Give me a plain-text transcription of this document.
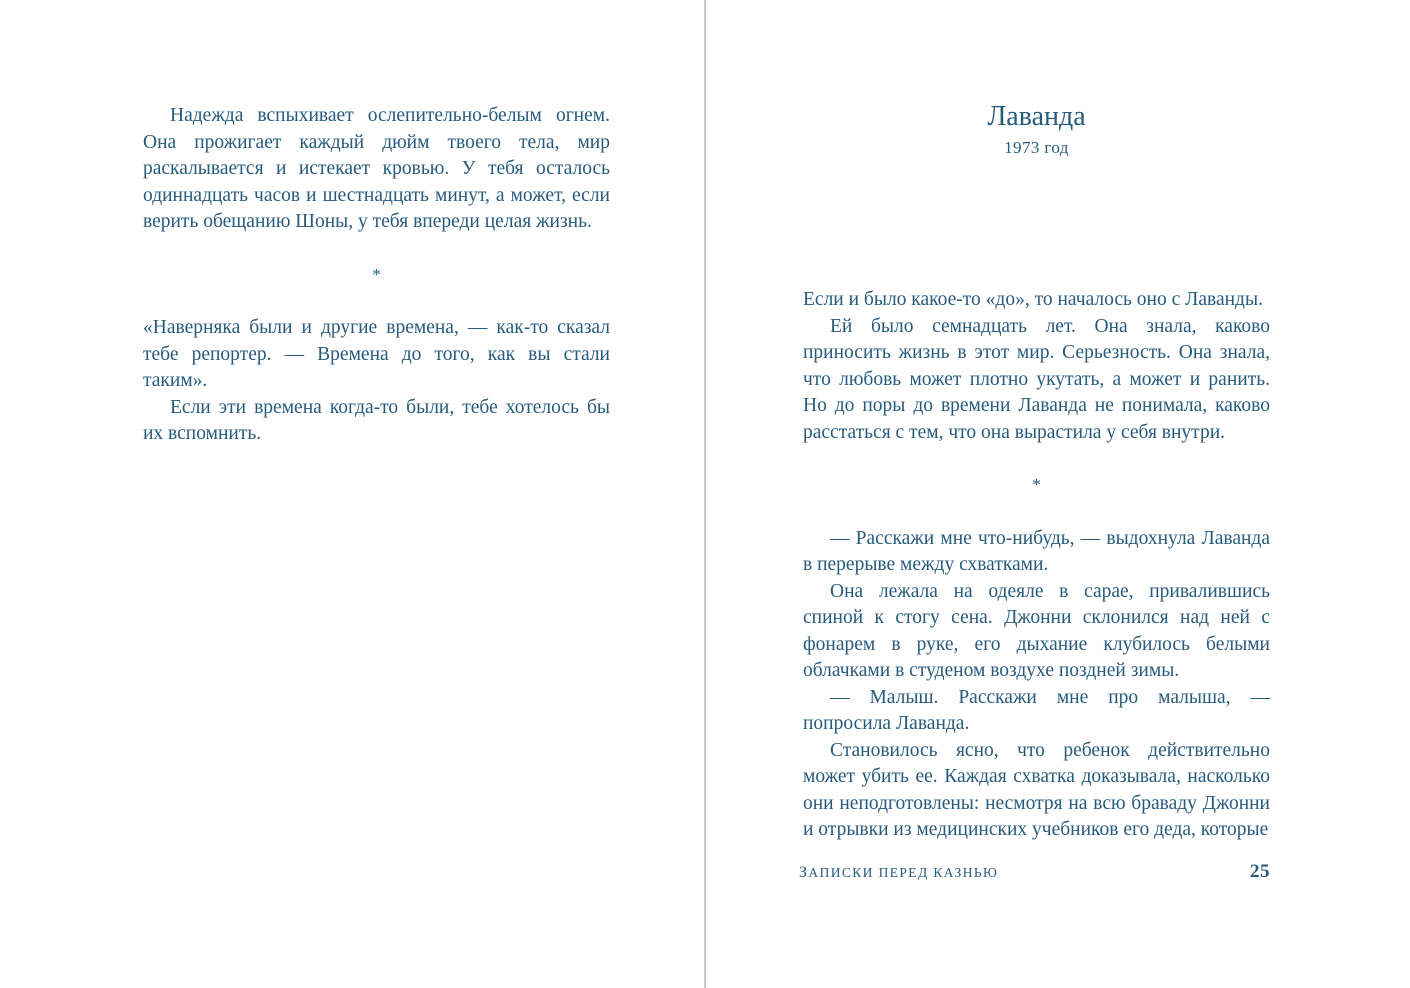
Надежда вспыхивает ослепительно-белым огнем. Она прожигает каждый дюйм твоего тела, мир раскалывается и истекает кровью. У тебя осталось одиннадцать часов и шестнадцать минут, а может, если верить обещанию Шоны, у тебя впереди целая жизнь.

*

«Наверняка были и другие времена, — как-то сказал тебе репортер. — Времена до того, как вы стали таким».

Если эти времена когда-то были, тебе хотелось бы их вспомнить.

Лаванда
1973 год

Если и было какое-то «до», то началось оно с Лаванды.

Ей было семнадцать лет. Она знала, каково приносить жизнь в этот мир. Серьезность. Она знала, что любовь может плотно укутать, а может и ранить. Но до поры до времени Лаванда не понимала, каково расстаться с тем, что она вырастила у себя внутри.

*

— Расскажи мне что-нибудь, — выдохнула Лаванда в перерыве между схватками.

Она лежала на одеяле в сарае, привалившись спиной к стогу сена. Джонни склонился над ней с фонарем в руке, его дыхание клубилось белыми облачками в студеном воздухе поздней зимы.

— Малыш. Расскажи мне про малыша, — попросила Лаванда.

Становилось ясно, что ребенок действительно может убить ее. Каждая схватка доказывала, насколько они неподготовлены: несмотря на всю браваду Джонни и отрывки из медицинских учебников его деда, которые

ЗАПИСКИ ПЕРЕД КАЗНЬЮ	25
